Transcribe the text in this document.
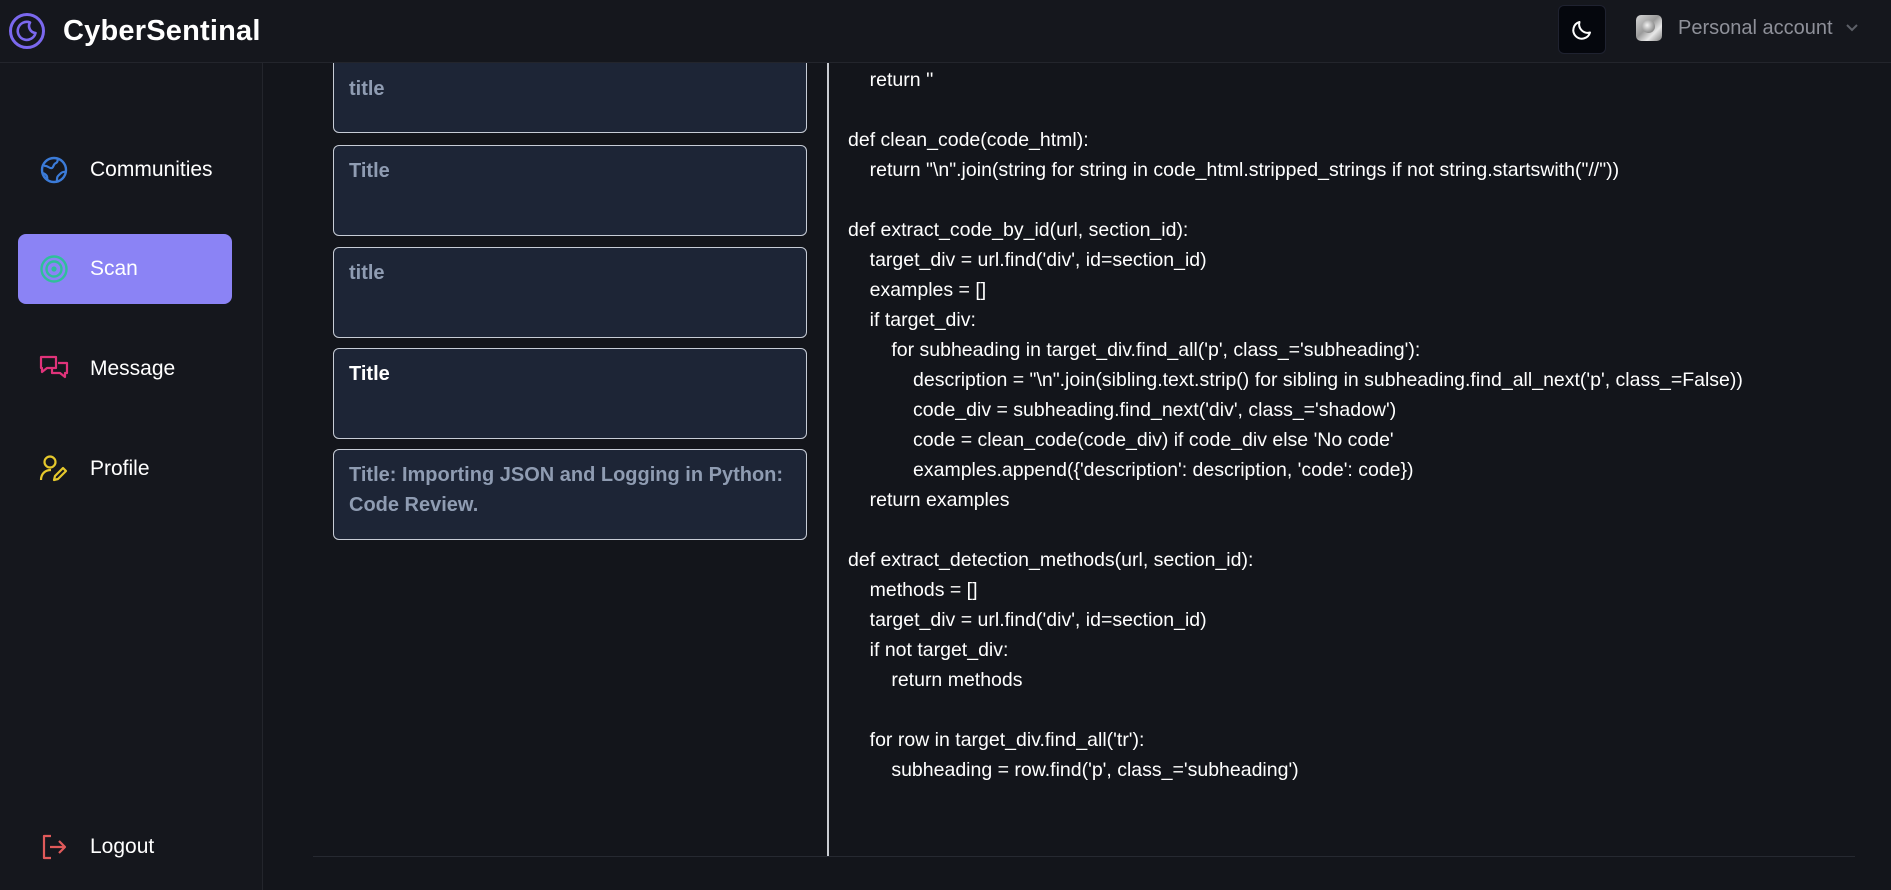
CyberSentinal	Personal account
Communities
Scan
Message
Profile
Logout
title
Title
title
Title
Title: Importing JSON and Logging in Python: Code Review.
return ''

def clean_code(code_html):
return "\n".join(string for string in code_html.stripped_strings if not string.startswith("//"))

def extract_code_by_id(url, section_id):
target_div = url.find('div', id=section_id)
examples = []
if target_div:
for subheading in target_div.find_all('p', class_='subheading'):
description = "\n".join(sibling.text.strip() for sibling in subheading.find_all_next('p', class_=False))
code_div = subheading.find_next('div', class_='shadow')
code = clean_code(code_div) if code_div else 'No code'
examples.append({'description': description, 'code': code})
return examples

def extract_detection_methods(url, section_id):
methods = []
target_div = url.find('div', id=section_id)
if not target_div:
return methods

for row in target_div.find_all('tr'):
subheading = row.find('p', class_='subheading')
